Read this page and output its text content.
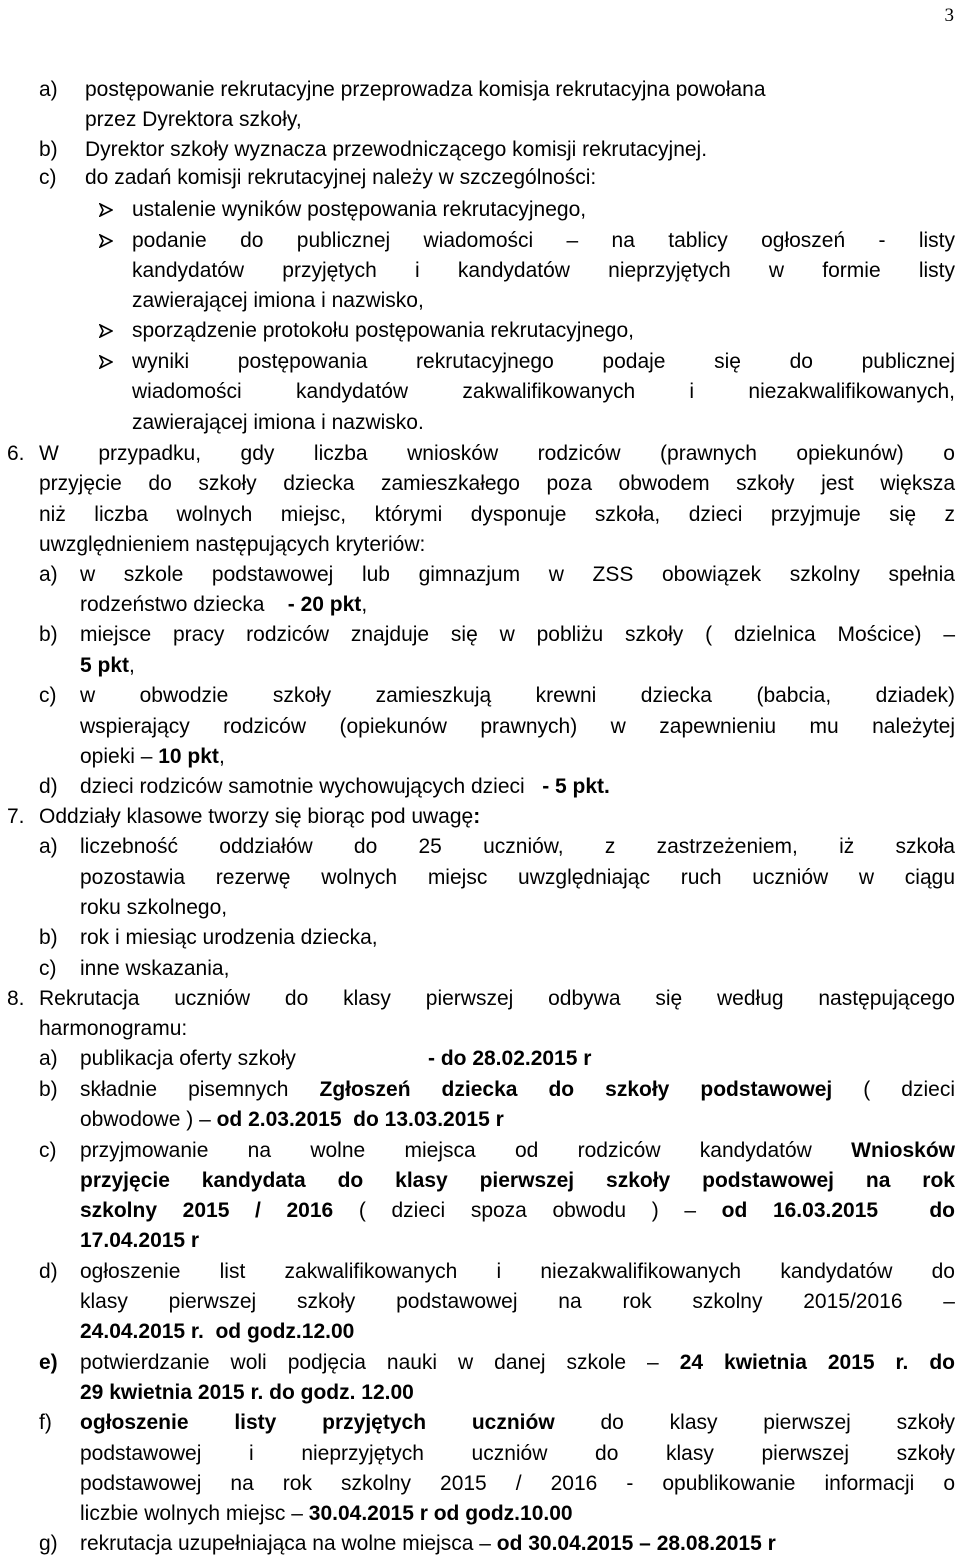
3
a) postępowanie rekrutacyjne przeprowadza komisja rekrutacyjna powołana
przez Dyrektora szkoły,
b) Dyrektor szkoły wyznacza przewodniczącego komisji rekrutacyjnej.
c) do zadań komisji rekrutacyjnej należy w szczególności:
ustalenie wyników postępowania rekrutacyjnego,
podanie do publicznej wiadomości – na tablicy ogłoszeń - listy
kandydatów przyjętych i kandydatów nieprzyjętych w formie listy
zawierającej imiona i nazwisko,
sporządzenie protokołu postępowania rekrutacyjnego,
wyniki postępowania rekrutacyjnego podaje się do publicznej
wiadomości kandydatów zakwalifikowanych i niezakwalifikowanych,
zawierającej imiona i nazwisko.
6. W przypadku, gdy liczba wniosków rodziców (prawnych opiekunów) o
przyjęcie do szkoły dziecka zamieszkałego poza obwodem szkoły jest większa
niż liczba wolnych miejsc, którymi dysponuje szkoła, dzieci przyjmuje się z
uwzględnieniem następujących kryteriów:
a) w szkole podstawowej lub gimnazjum w ZSS obowiązek szkolny spełnia
rodzeństwo dziecka - 20 pkt,
b) miejsce pracy rodziców znajduje się w pobliżu szkoły ( dzielnica Mościce) –
5 pkt,
c) w obwodzie szkoły zamieszkują krewni dziecka (babcia, dziadek)
wspierający rodziców (opiekunów prawnych) w zapewnieniu mu należytej
opieki – 10 pkt,
d) dzieci rodziców samotnie wychowujących dzieci - 5 pkt.
7. Oddziały klasowe tworzy się biorąc pod uwagę:
a) liczebność oddziałów do 25 uczniów, z zastrzeżeniem, iż szkoła
pozostawia rezerwę wolnych miejsc uwzględniając ruch uczniów w ciągu
roku szkolnego,
b) rok i miesiąc urodzenia dziecka,
c) inne wskazania,
8. Rekrutacja uczniów do klasy pierwszej odbywa się według następującego
harmonogramu:
a) publikacja oferty szkoły	- do 28.02.2015 r
b) składnie pisemnych Zgłoszeń dziecka do szkoły podstawowej ( dzieci
obwodowe ) – od 2.03.2015  do 13.03.2015 r
c) przyjmowanie na wolne miejsca od rodziców kandydatów Wniosków
przyjęcie kandydata do klasy pierwszej szkoły podstawowej na rok
szkolny 2015 / 2016 ( dzieci spoza obwodu ) – od 16.03.2015  do
17.04.2015 r
d) ogłoszenie list zakwalifikowanych i niezakwalifikowanych kandydatów do
klasy pierwszej szkoły podstawowej na rok szkolny 2015/2016 –
24.04.2015 r.  od godz.12.00
e) potwierdzanie woli podjęcia nauki w danej szkole – 24 kwietnia 2015 r. do
29 kwietnia 2015 r. do godz. 12.00
f) ogłoszenie listy przyjętych uczniów do klasy pierwszej szkoły
podstawowej i nieprzyjętych uczniów do klasy pierwszej szkoły
podstawowej na rok szkolny 2015 / 2016 - opublikowanie informacji o
liczbie wolnych miejsc – 30.04.2015 r od godz.10.00
g) rekrutacja uzupełniająca na wolne miejsca – od 30.04.2015 – 28.08.2015 r
